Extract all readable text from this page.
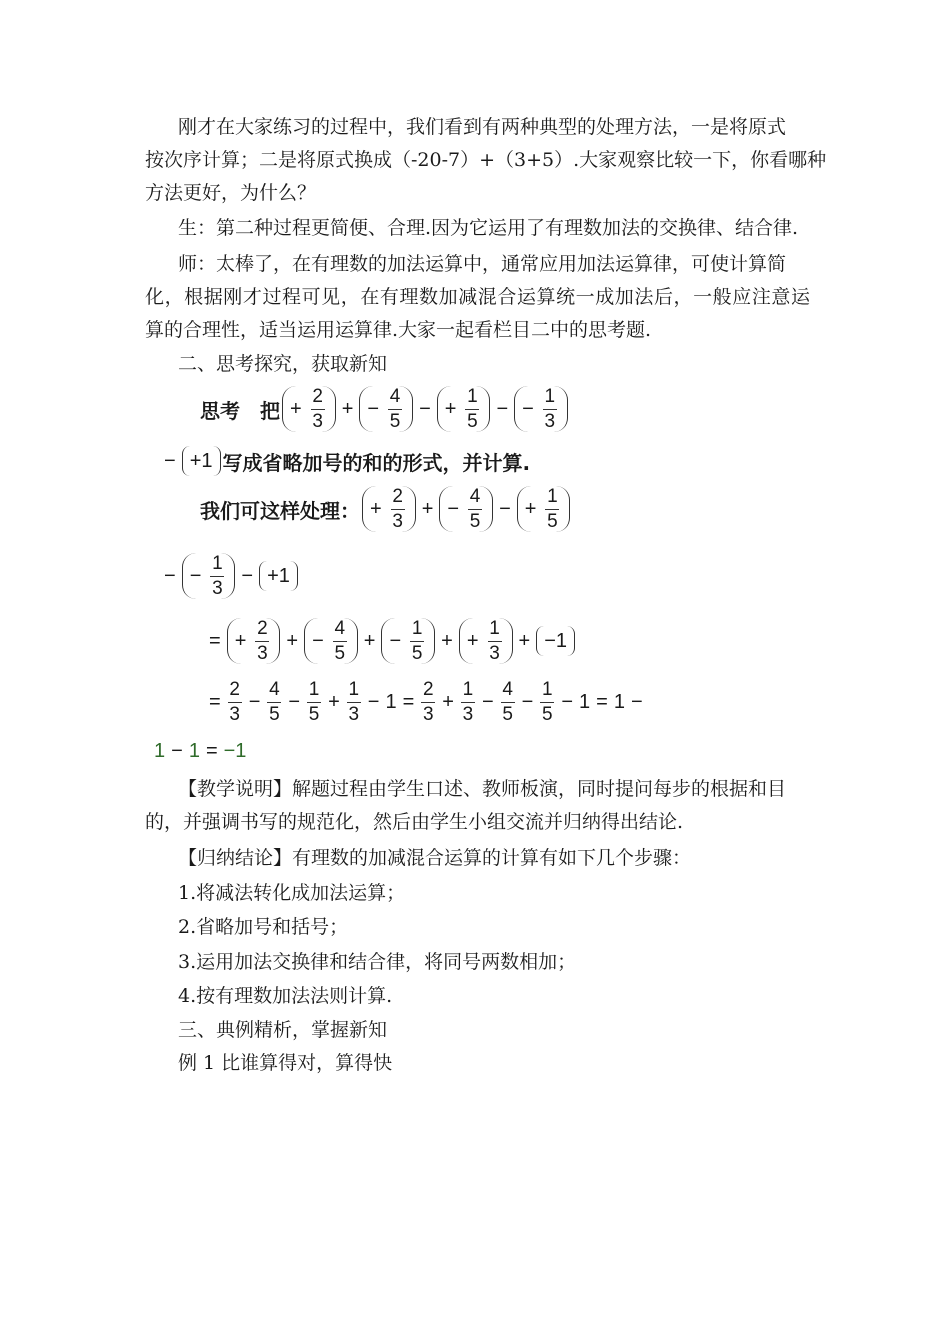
刚才在大家练习的过程中，我们看到有两种典型的处理方法，一是将原式
按次序计算；二是将原式换成（-20-7）+（3+5）.大家观察比较一下，你看哪种
方法更好，为什么？
生：第二种过程更简便、合理.因为它运用了有理数加法的交换律、结合律.
师：太棒了，在有理数的加法运算中，通常应用加法运算律，可使计算简
化，根据刚才过程可见，在有理数加减混合运算统一成加法后，一般应注意运
算的合理性，适当运用运算律.大家一起看栏目二中的思考题.
二、思考探究，获取新知
思考　把 + $\frac{2}{3}$ + − $\frac{4}{5}$ − + $\frac{1}{5}$ − − $\frac{1}{3}$
− +1 写成省略加号的和的形式，并计算.
我们可这样处理： + $\frac{2}{3}$ + − $\frac{4}{5}$ − + $\frac{1}{5}$
− − $\frac{1}{3} - +1$
= + $\frac{2}{3}$ + − $\frac{4}{5}$ + − $\frac{1}{5}$ + + $\frac{1}{3} + -1$
= $\frac{2}{3} - \frac{4}{5} - \frac{1}{5} + \frac{1}{3} - 1 = \frac{2}{3} + \frac{1}{3} - \frac{4}{5} - \frac{1}{5} - 1 = 1$ −
1 − 1 = −1
【教学说明】解题过程由学生口述、教师板演，同时提问每步的根据和目
的，并强调书写的规范化，然后由学生小组交流并归纳得出结论.
【归纳结论】有理数的加减混合运算的计算有如下几个步骤：
1.将减法转化成加法运算；
2.省略加号和括号；
3.运用加法交换律和结合律，将同号两数相加；
4.按有理数加法法则计算.
三、典例精析，掌握新知
例 1 比谁算得对，算得快
